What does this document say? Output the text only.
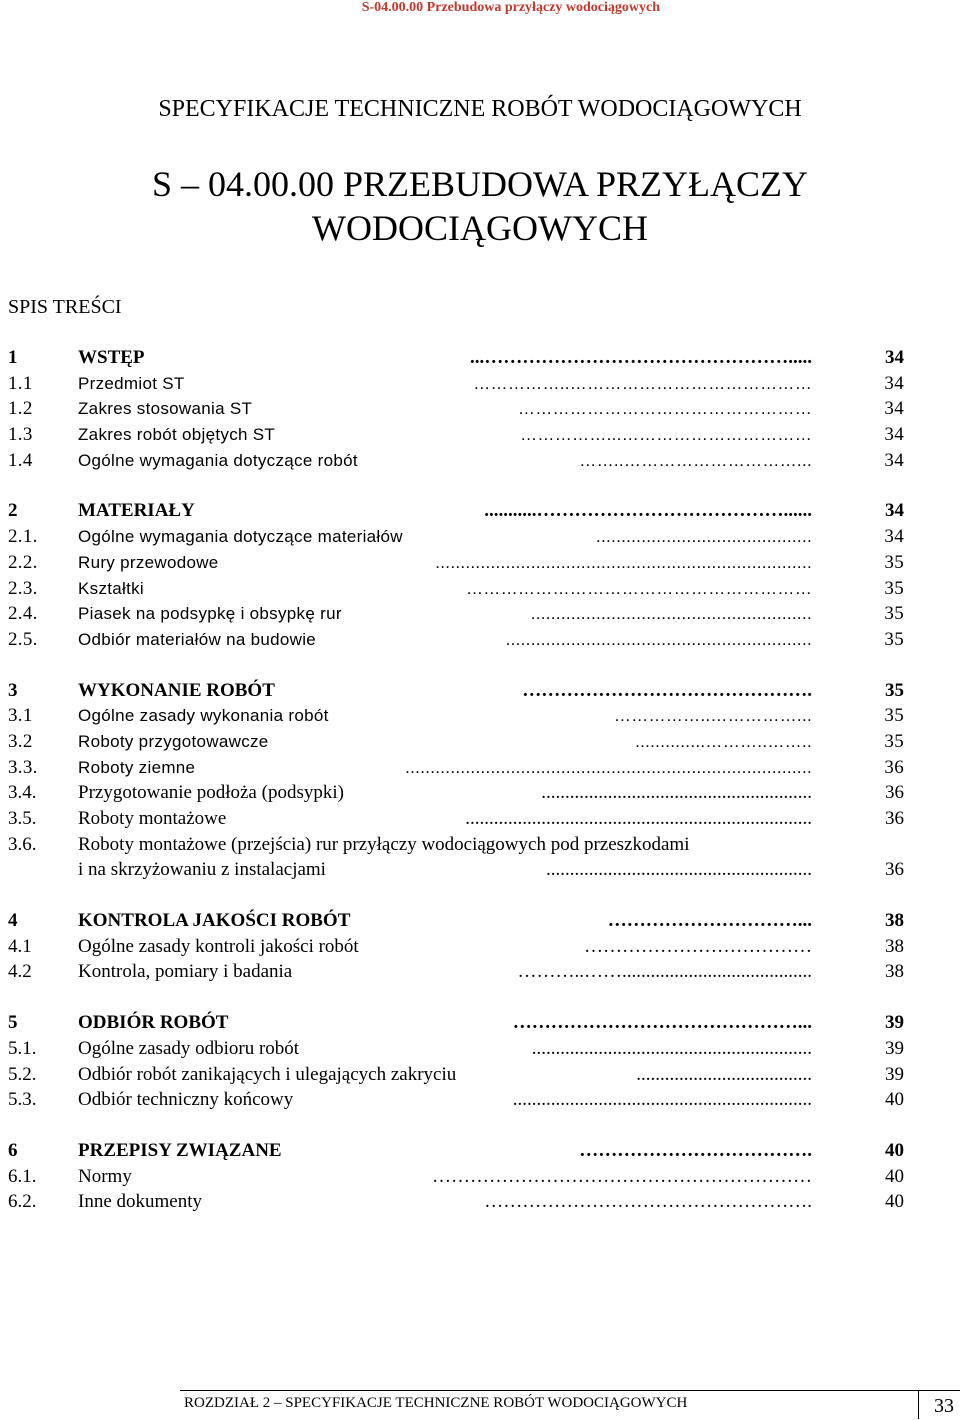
S-04.00.00 Przebudowa przyłączy wodociągowych
SPECYFIKACJE TECHNICZNE ROBÓT WODOCIĄGOWYCH
S – 04.00.00 PRZEBUDOWA PRZYŁĄCZY
WODOCIĄGOWYCH
SPIS TREŚCI
1	WSTĘP	...………………………………………….....	34
1.1	Przedmiot ST	……………..……………………………………	34
1.2	Zakres stosowania ST	……………………………………………	34
1.3	Zakres robót objętych ST	……………...……………………………	34
1.4	Ogólne wymagania dotyczące robót	……..…………………………...	34
2	MATERIAŁY	...........…………………………………......	34
2.1. Ogólne wymagania dotyczące materiałów	...........................................	34
2.2. Rury przewodowe	...........................................................................	35
2.3. Kształtki	……………………………………………………	35
2.4. Piasek na podsypkę i obsypkę rur	........................................................	35
2.5. Odbiór materiałów na budowie	.............................................................	35
3	WYKONANIE ROBÓT	……………………………………….	35
3.1	Ogólne zasady wykonania robót	……………..……………...	35
3.2	Roboty przygotowawcze	..............………..……..	35
3.3. Roboty ziemne	.................................................................................	36
3.4. Przygotowanie podłoża (podsypki)	.........................................................	36
3.5. Roboty montażowe	.........................................................................	36
3.6. Roboty montażowe (przejścia) rur przyłączy wodociągowych pod przeszkodami
i na skrzyżowaniu z instalacjami	........................................................	36
4	KONTROLA JAKOŚCI ROBÓT	…………………………...	38
4.1 Ogólne zasady kontroli jakości robót	………………………………	38
4.2 Kontrola, pomiary i badania	………..……........................................	38
5	ODBIÓR ROBÓT	………………………………………...	39
5.1. Ogólne zasady odbioru robót	...........................................................	39
5.2. Odbiór robót zanikających i ulegających zakryciu	.....................................	39
5.3. Odbiór techniczny końcowy	...............................................................	40
6	PRZEPISY ZWIĄZANE	……………………………….	40
6.1. Normy	……………………………………………………	40
6.2. Inne dokumenty	…………………………………………….	40
ROZDZIAŁ 2 – SPECYFIKACJE TECHNICZNE ROBÓT WODOCIĄGOWYCH	33
